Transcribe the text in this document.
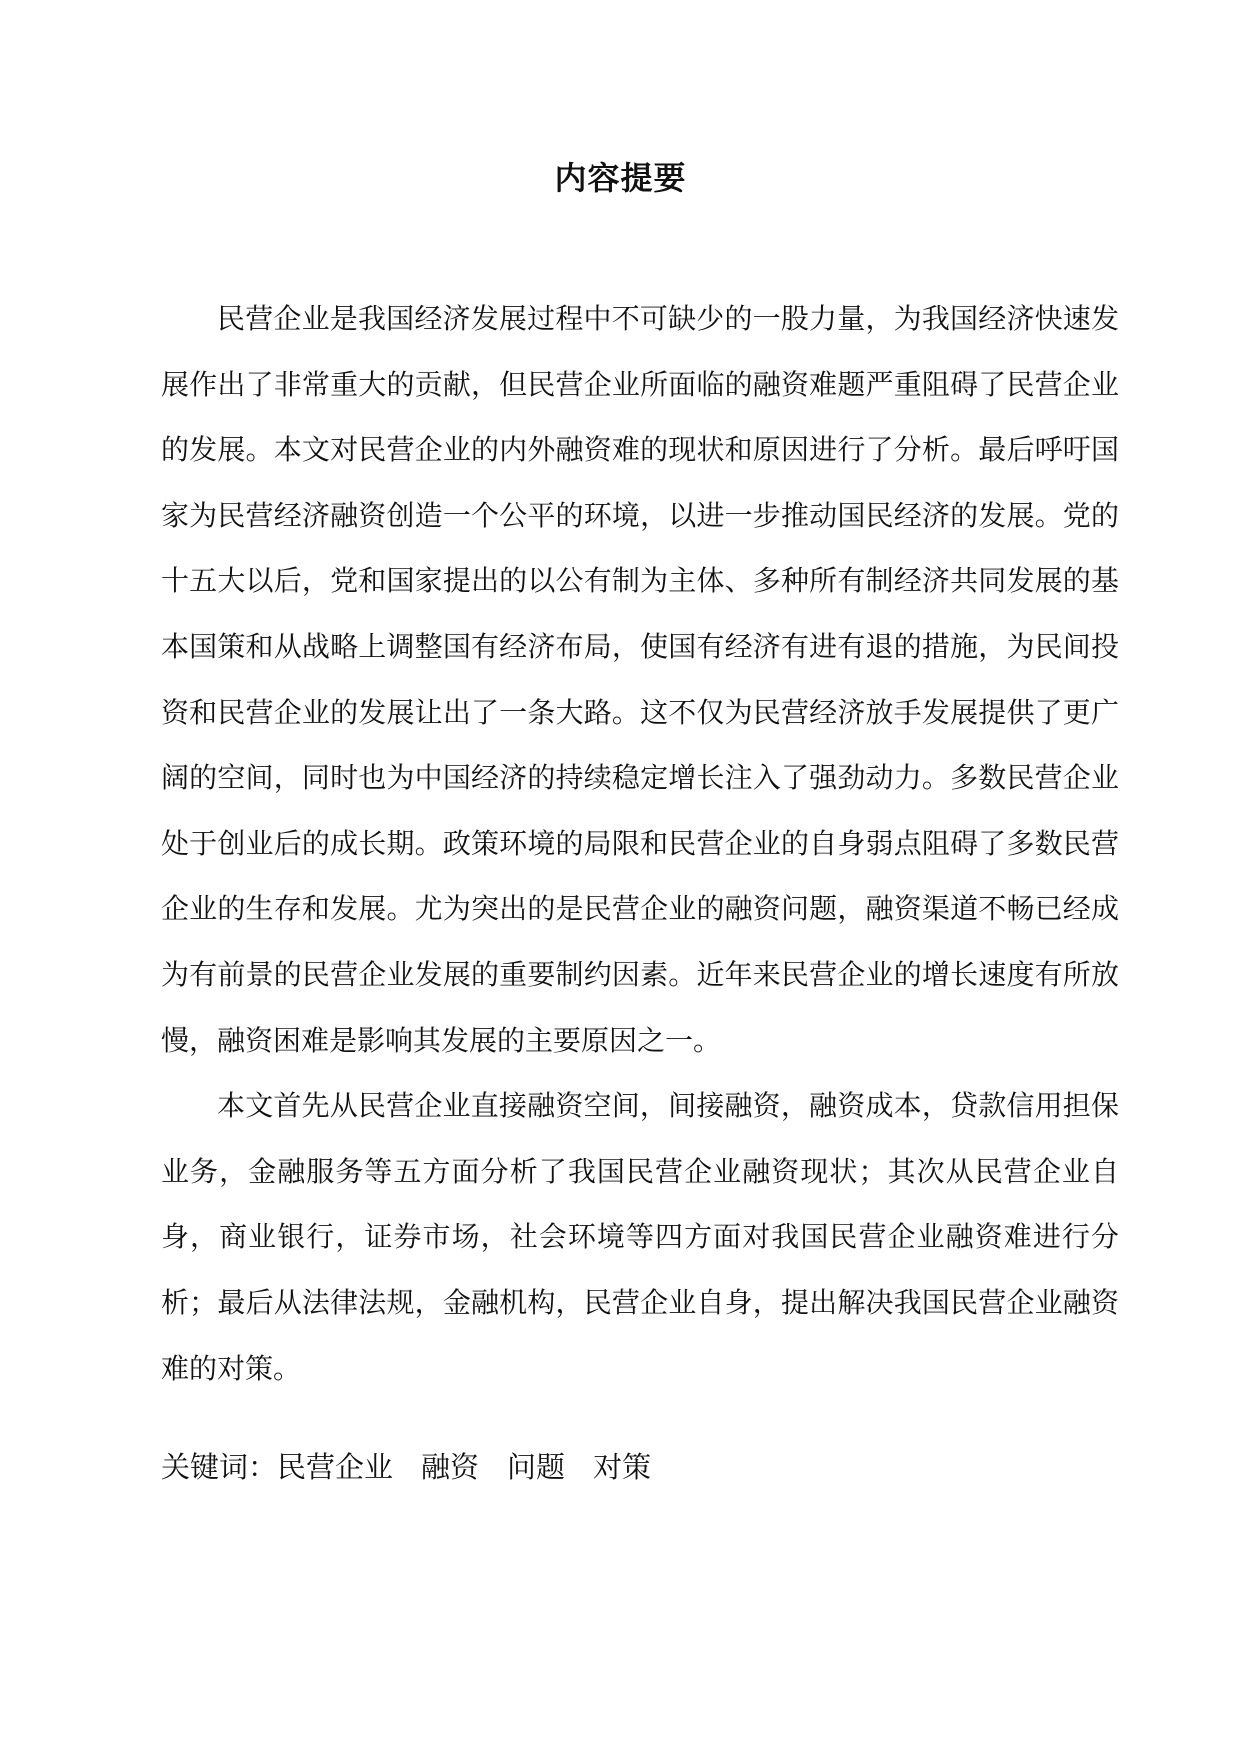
内容提要

民营企业是我国经济发展过程中不可缺少的一股力量，为我国经济快速发展作出了非常重大的贡献，但民营企业所面临的融资难题严重阻碍了民营企业的发展。本文对民营企业的内外融资难的现状和原因进行了分析。最后呼吁国家为民营经济融资创造一个公平的环境，以进一步推动国民经济的发展。党的十五大以后，党和国家提出的以公有制为主体、多种所有制经济共同发展的基本国策和从战略上调整国有经济布局，使国有经济有进有退的措施，为民间投资和民营企业的发展让出了一条大路。这不仅为民营经济放手发展提供了更广阔的空间，同时也为中国经济的持续稳定增长注入了强劲动力。多数民营企业处于创业后的成长期。政策环境的局限和民营企业的自身弱点阻碍了多数民营企业的生存和发展。尤为突出的是民营企业的融资问题，融资渠道不畅已经成为有前景的民营企业发展的重要制约因素。近年来民营企业的增长速度有所放慢，融资困难是影响其发展的主要原因之一。

本文首先从民营企业直接融资空间，间接融资，融资成本，贷款信用担保业务，金融服务等五方面分析了我国民营企业融资现状；其次从民营企业自身，商业银行，证券市场，社会环境等四方面对我国民营企业融资难进行分析；最后从法律法规，金融机构，民营企业自身，提出解决我国民营企业融资难的对策。

关键词：民营企业 融资 问题 对策
